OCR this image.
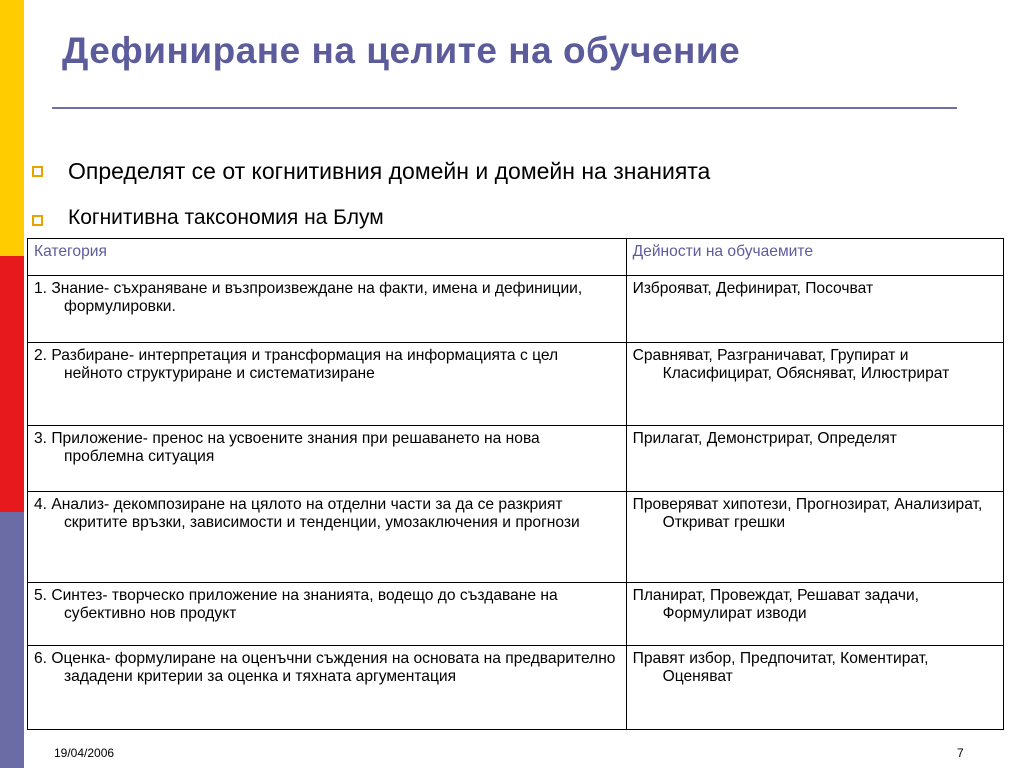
Дефиниране на целите на обучение
Определят се от когнитивния домейн и домейн на знанията
Когнитивна таксономия на Блум
Категория	Дейности на обучаемите
1. Знание- съхраняване и възпроизвеждане на факти, имена и дефиниции, формулировки.	Изброяват, Дефинират, Посочват
2. Разбиране- интерпретация и трансформация на информацията с цел нейното структуриране и систематизиране	Сравняват, Разграничават, Групират и Класифицират, Обясняват, Илюстрират
3. Приложение- пренос на усвоените знания при решаването на нова проблемна ситуация	Прилагат, Демонстрират, Определят
4. Анализ- декомпозиране на цялото на отделни части за да се разкрият скритите връзки, зависимости и тенденции, умозаключения и прогнози	Проверяват хипотези, Прогнозират, Анализират, Откриват грешки
5. Синтез- творческо приложение на знанията, водещо до създаване на субективно нов продукт	Планират, Провеждат, Решават задачи, Формулират изводи
6. Оценка- формулиране на оценъчни съждения на основата на предварително зададени критерии за оценка и тяхната аргументация	Правят избор, Предпочитат, Коментират, Оценяват
19/04/2006	7
